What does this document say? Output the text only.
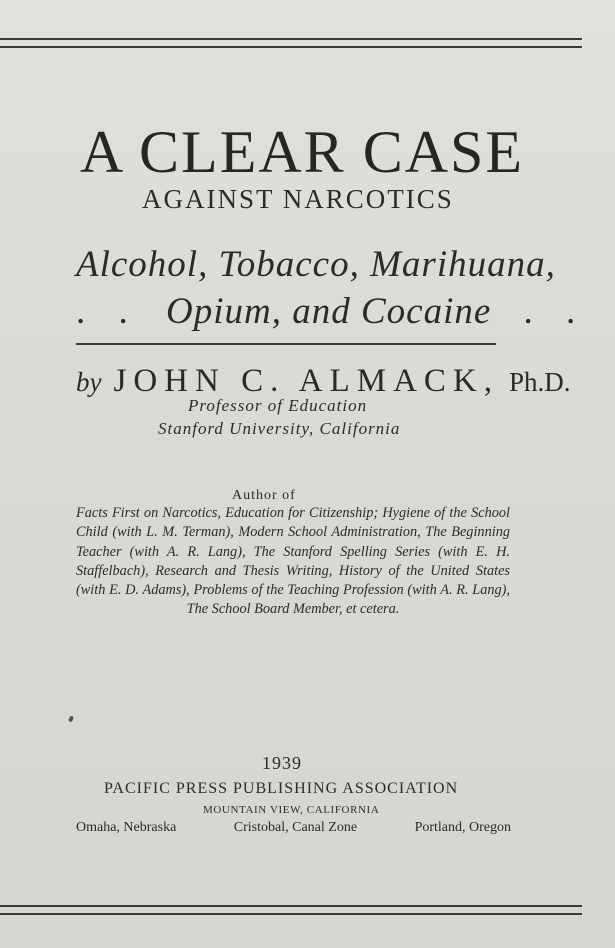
A CLEAR CASE
AGAINST NARCOTICS
Alcohol, Tobacco, Marihuana,
. . Opium, and Cocaine . .
by JOHN C. ALMACK, Ph.D.
Professor of Education
Stanford University, California
Author of

Facts First on Narcotics, Education for Citizenship; Hygiene of the School Child (with L. M. Terman), Modern School Administration, The Beginning Teacher (with A. R. Lang), The Stanford Spelling Series (with E. H. Staffelbach), Research and Thesis Writing, History of the United States (with E. D. Adams), Problems of the Teaching Profession (with A. R. Lang), The School Board Member, et cetera.

1939
PACIFIC PRESS PUBLISHING ASSOCIATION
MOUNTAIN VIEW, CALIFORNIA
Omaha, Nebraska	Cristobal, Canal Zone	Portland, Oregon
